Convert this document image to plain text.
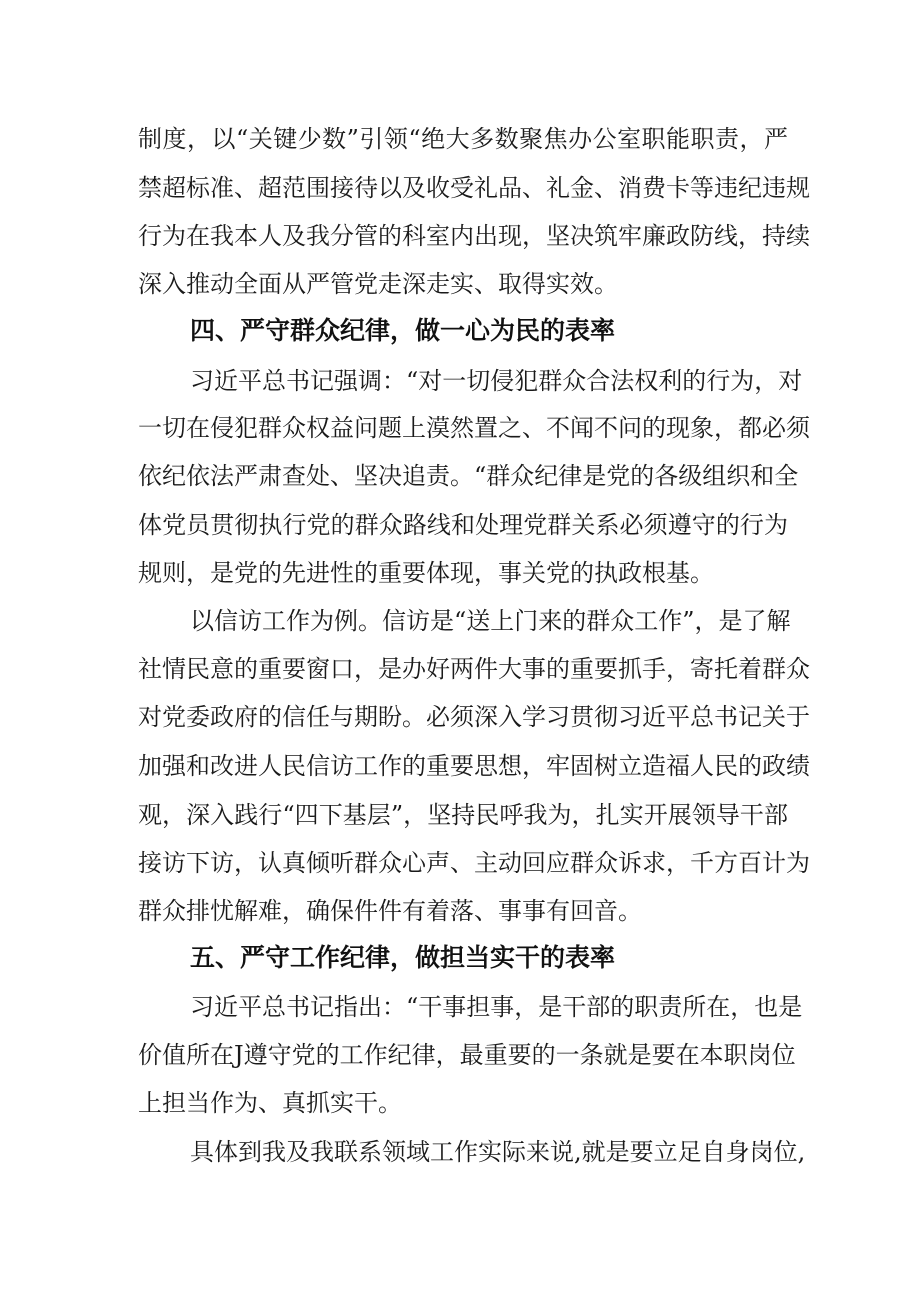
制度，以“关键少数”引领“绝大多数聚焦办公室职能职责，严
禁超标准、超范围接待以及收受礼品、礼金、消费卡等违纪违规
行为在我本人及我分管的科室内出现，坚决筑牢廉政防线，持续
深入推动全面从严管党走深走实、取得实效。
四、严守群众纪律，做一心为民的表率
习近平总书记强调：“对一切侵犯群众合法权利的行为，对
一切在侵犯群众权益问题上漠然置之、不闻不问的现象，都必须
依纪依法严肃查处、坚决追责。“群众纪律是党的各级组织和全
体党员贯彻执行党的群众路线和处理党群关系必须遵守的行为
规则，是党的先进性的重要体现，事关党的执政根基。
以信访工作为例。信访是“送上门来的群众工作”，是了解
社情民意的重要窗口，是办好两件大事的重要抓手，寄托着群众
对党委政府的信任与期盼。必须深入学习贯彻习近平总书记关于
加强和改进人民信访工作的重要思想，牢固树立造福人民的政绩
观，深入践行“四下基层”，坚持民呼我为，扎实开展领导干部
接访下访，认真倾听群众心声、主动回应群众诉求，千方百计为
群众排忧解难，确保件件有着落、事事有回音。
五、严守工作纪律，做担当实干的表率
习近平总书记指出：“干事担事，是干部的职责所在，也是
价值所在J遵守党的工作纪律，最重要的一条就是要在本职岗位
上担当作为、真抓实干。
具体到我及我联系领域工作实际来说,就是要立足自身岗位,
